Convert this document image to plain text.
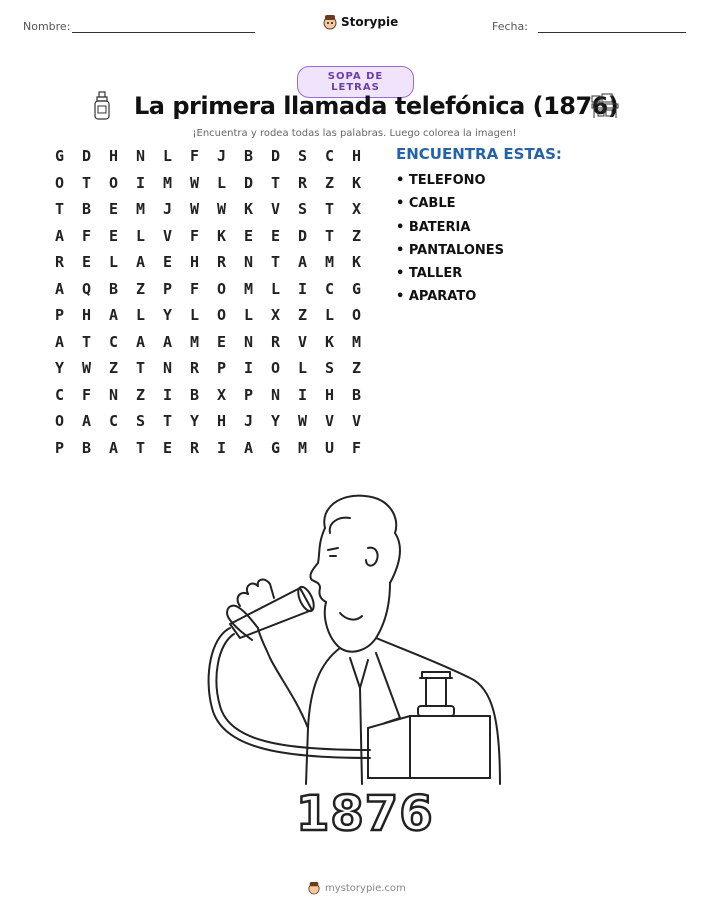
Nombre:	Storypie	Fecha:
SOPA DE LETRAS
La primera llamada telefónica (1876)
¡Encuentra y rodea todas las palabras. Luego colorea la imagen!
G	D	H	N	L	F	J	B	D	S	C	H
O	T	O	I	M	W	L	D	T	R	Z	K
T	B	E	M	J	W	W	K	V	S	T	X
A	F	E	L	V	F	K	E	E	D	T	Z
R	E	L	A	E	H	R	N	T	A	M	K
A	Q	B	Z	P	F	O	M	L	I	C	G
P	H	A	L	Y	L	O	L	X	Z	L	O
A	T	C	A	A	M	E	N	R	V	K	M
Y	W	Z	T	N	R	P	I	O	L	S	Z
C	F	N	Z	I	B	X	P	N	I	H	B
O	A	C	S	T	Y	H	J	Y	W	V	V
P	B	A	T	E	R	I	A	G	M	U	F
ENCUENTRA ESTAS:
• TELEFONO
• CABLE
• BATERIA
• PANTALONES
• TALLER
• APARATO
1876
mystorypie.com
